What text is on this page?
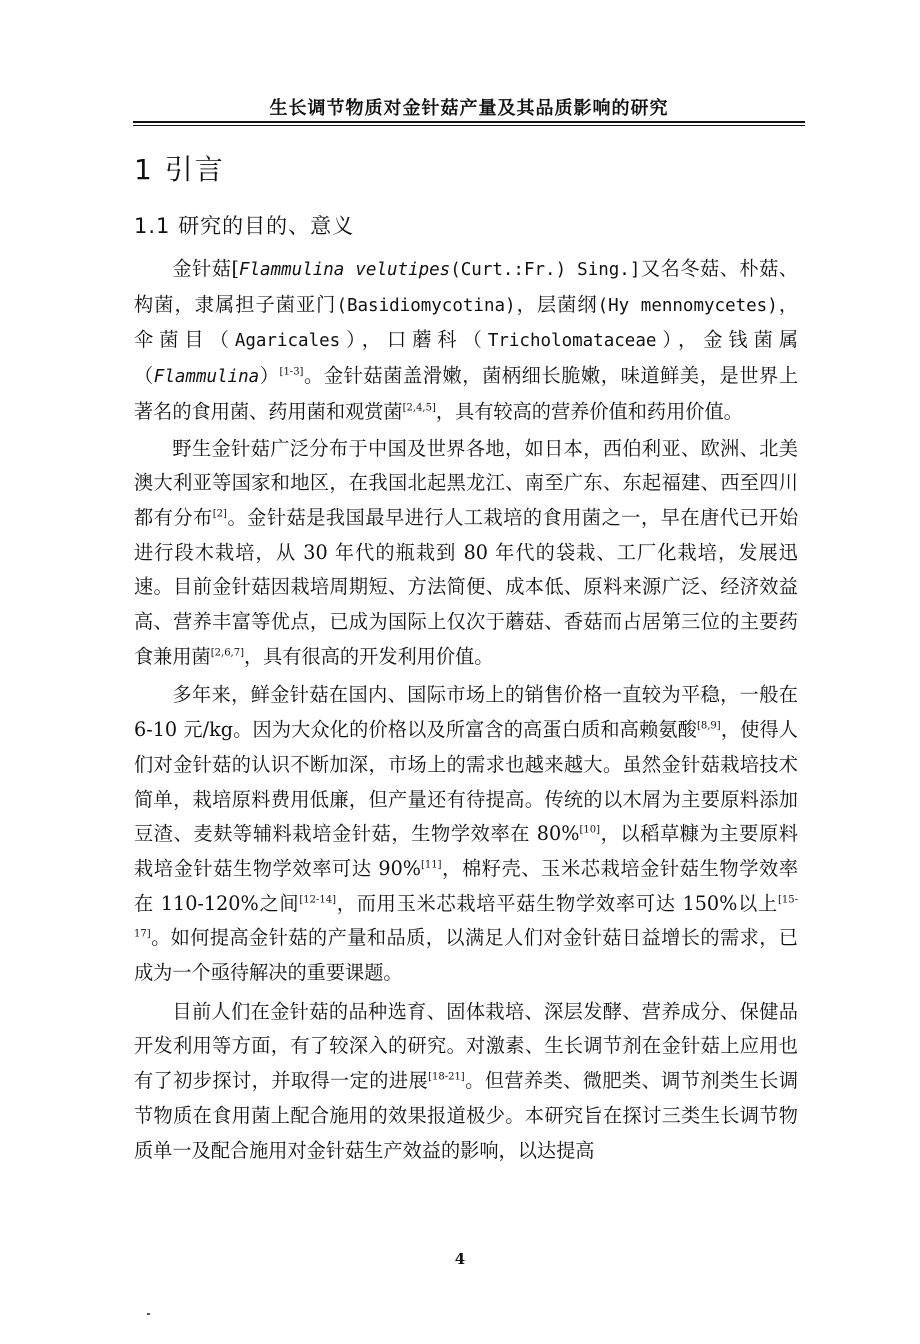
生长调节物质对金针菇产量及其品质影响的研究
1 引言
1.1 研究的目的、意义

金针菇[Flammulina velutipes(Curt.:Fr.) Sing.]又名冬菇、朴菇、构菌，隶属担子菌亚门(Basidiomycotina)，层菌纲(Hy mennomycetes)，伞菌目（Agaricales），口蘑科（Tricholomataceae），金钱菌属（Flammulina）[1-3]。金针菇菌盖滑嫩，菌柄细长脆嫩，味道鲜美，是世界上著名的食用菌、药用菌和观赏菌[2,4,5]，具有较高的营养价值和药用价值。

野生金针菇广泛分布于中国及世界各地，如日本，西伯利亚、欧洲、北美澳大利亚等国家和地区，在我国北起黑龙江、南至广东、东起福建、西至四川都有分布[2]。金针菇是我国最早进行人工栽培的食用菌之一，早在唐代已开始进行段木栽培，从 30 年代的瓶栽到 80 年代的袋栽、工厂化栽培，发展迅速。目前金针菇因栽培周期短、方法简便、成本低、原料来源广泛、经济效益高、营养丰富等优点，已成为国际上仅次于蘑菇、香菇而占居第三位的主要药食兼用菌[2,6,7]，具有很高的开发利用价值。

多年来，鲜金针菇在国内、国际市场上的销售价格一直较为平稳，一般在 6-10 元/kg。因为大众化的价格以及所富含的高蛋白质和高赖氨酸[8,9]，使得人们对金针菇的认识不断加深，市场上的需求也越来越大。虽然金针菇栽培技术简单，栽培原料费用低廉，但产量还有待提高。传统的以木屑为主要原料添加豆渣、麦麸等辅料栽培金针菇，生物学效率在 80%[10]，以稻草糠为主要原料栽培金针菇生物学效率可达 90%[11]，棉籽壳、玉米芯栽培金针菇生物学效率在 110-120%之间[12-14]，而用玉米芯栽培平菇生物学效率可达 150%以上[15-17]。如何提高金针菇的产量和品质，以满足人们对金针菇日益增长的需求，已成为一个亟待解决的重要课题。

目前人们在金针菇的品种选育、固体栽培、深层发酵、营养成分、保健品开发利用等方面，有了较深入的研究。对激素、生长调节剂在金针菇上应用也有了初步探讨，并取得一定的进展[18-21]。但营养类、微肥类、调节剂类生长调节物质在食用菌上配合施用的效果报道极少。本研究旨在探讨三类生长调节物质单一及配合施用对金针菇生产效益的影响，以达提高

4
